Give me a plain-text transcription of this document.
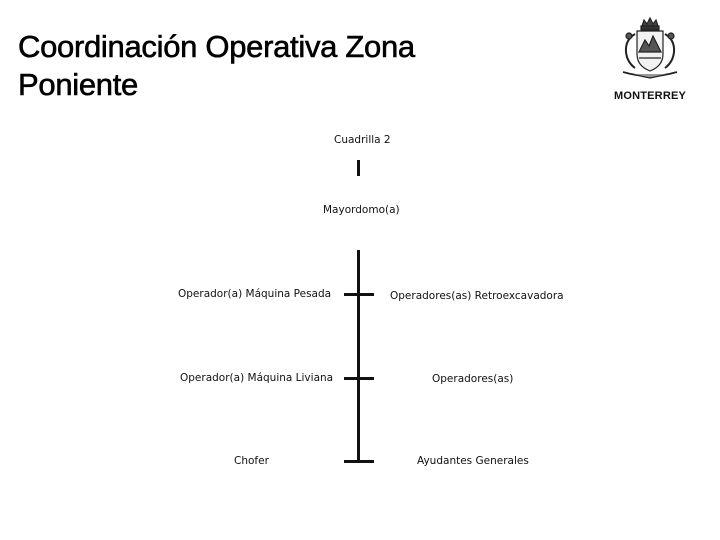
Coordinación Operativa Zona
Poniente	MONTERREY
Cuadrilla 2
Mayordomo(a)
Operador(a) Máquina Pesada
Operador(a) Máquina Liviana
Chofer
Operadores(as) Retroexcavadora
Operadores(as)
Ayudantes Generales
